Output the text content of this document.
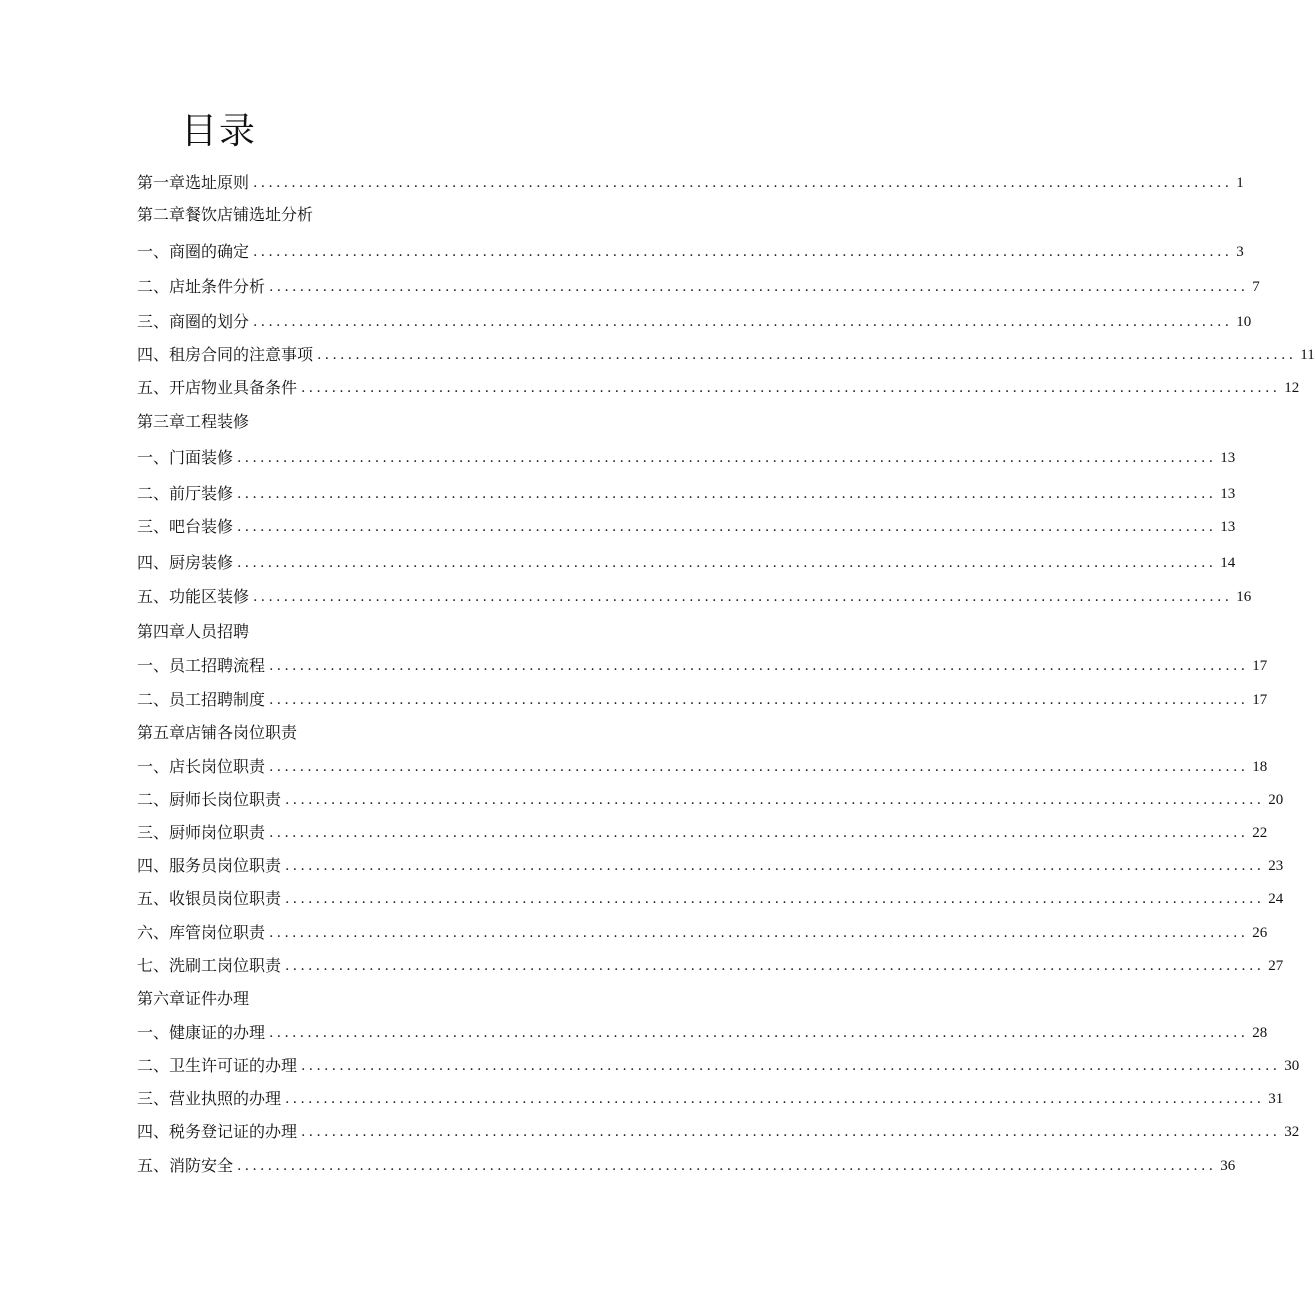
目录
第一章选址原则 ................................................................................................................................ 1
第二章餐饮店铺选址分析
一、商圈的确定 ................................................................................................................................ 3
二、店址条件分析 ................................................................................................................................ 7
三、商圈的划分 ................................................................................................................................ 10
四、租房合同的注意事项 ................................................................................................................................ 11
五、开店物业具备条件 ................................................................................................................................ 12
第三章工程装修
一、门面装修 ................................................................................................................................ 13
二、前厅装修 ................................................................................................................................ 13
三、吧台装修 ................................................................................................................................ 13
四、厨房装修 ................................................................................................................................ 14
五、功能区装修 ................................................................................................................................ 16
第四章人员招聘
一、员工招聘流程 ................................................................................................................................ 17
二、员工招聘制度 ................................................................................................................................ 17
第五章店铺各岗位职责
一、店长岗位职责 ................................................................................................................................ 18
二、厨师长岗位职责 ................................................................................................................................ 20
三、厨师岗位职责 ................................................................................................................................ 22
四、服务员岗位职责 ................................................................................................................................ 23
五、收银员岗位职责 ................................................................................................................................ 24
六、库管岗位职责 ................................................................................................................................ 26
七、洗刷工岗位职责 ................................................................................................................................ 27
第六章证件办理
一、健康证的办理 ................................................................................................................................ 28
二、卫生许可证的办理 ................................................................................................................................ 30
三、营业执照的办理 ................................................................................................................................ 31
四、税务登记证的办理 ................................................................................................................................ 32
五、消防安全 ................................................................................................................................ 36
